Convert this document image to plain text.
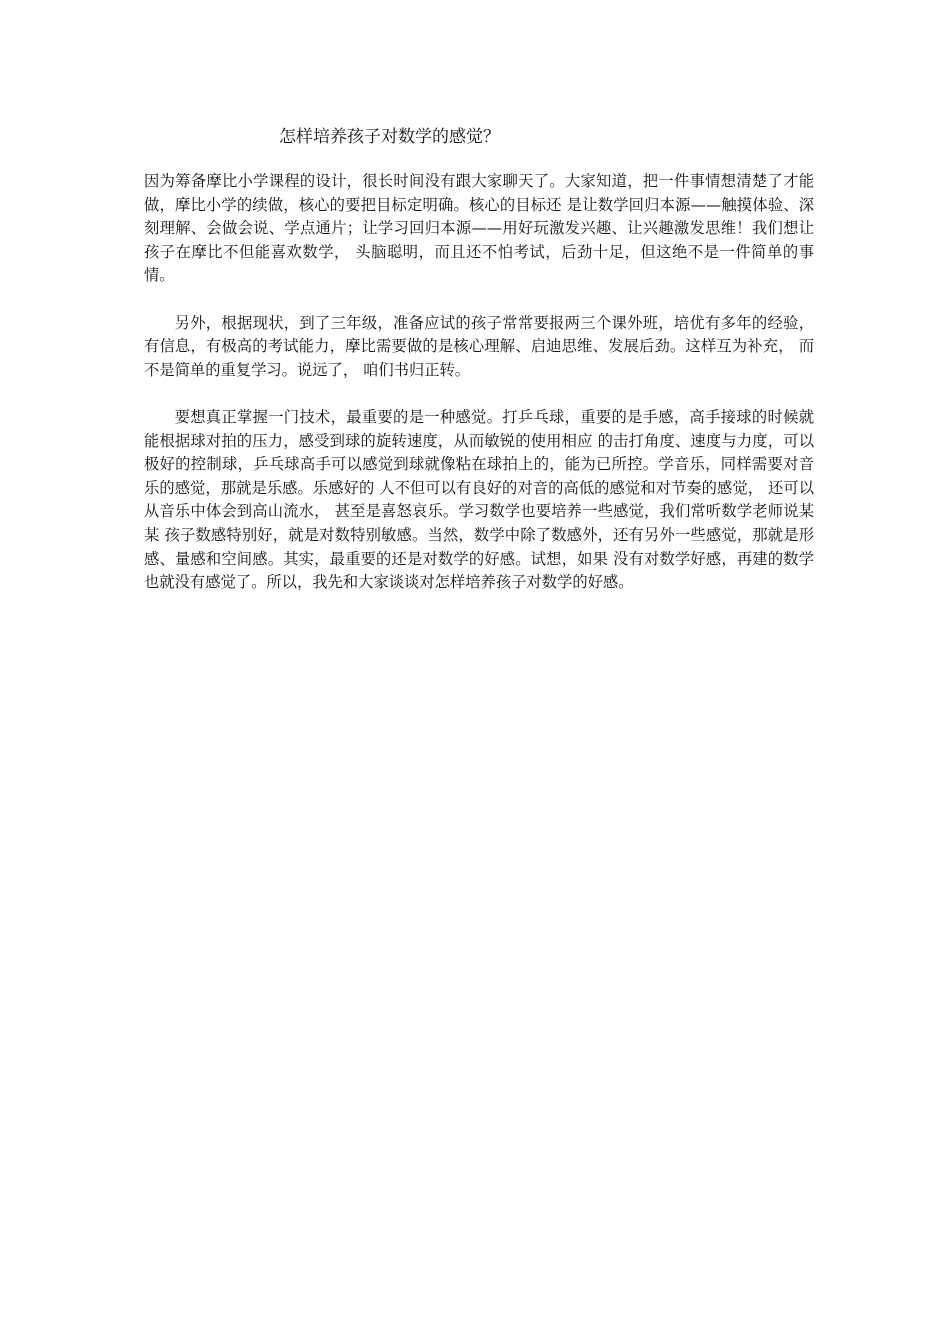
怎样培养孩子对数学的感觉？

因为筹备摩比小学课程的设计，很长时间没有跟大家聊天了。大家知道，把一件事情想清楚了才能做，摩比小学的续做，核心的要把目标定明确。核心的目标还 是让数学回归本源——触摸体验、深刻理解、会做会说、学点通片；让学习回归本源——用好玩激发兴趣、让兴趣激发思维！我们想让孩子在摩比不但能喜欢数学， 头脑聪明，而且还不怕考试，后劲十足，但这绝不是一件简单的事情。

另外，根据现状，到了三年级，准备应试的孩子常常要报两三个课外班，培优有多年的经验，有信息，有极高的考试能力，摩比需要做的是核心理解、启迪思维、发展后劲。这样互为补充， 而不是简单的重复学习。说远了， 咱们书归正转。

要想真正掌握一门技术，最重要的是一种感觉。打乒乓球，重要的是手感，高手接球的时候就能根据球对拍的压力，感受到球的旋转速度，从而敏锐的使用相应 的击打角度、速度与力度，可以极好的控制球，乒乓球高手可以感觉到球就像粘在球拍上的，能为已所控。学音乐，同样需要对音乐的感觉，那就是乐感。乐感好的 人不但可以有良好的对音的高低的感觉和对节奏的感觉， 还可以从音乐中体会到高山流水， 甚至是喜怒哀乐。学习数学也要培养一些感觉，我们常听数学老师说某某 孩子数感特别好，就是对数特别敏感。当然，数学中除了数感外，还有另外一些感觉，那就是形感、量感和空间感。其实，最重要的还是对数学的好感。试想，如果 没有对数学好感，再建的数学也就没有感觉了。所以，我先和大家谈谈对怎样培养孩子对数学的好感。
